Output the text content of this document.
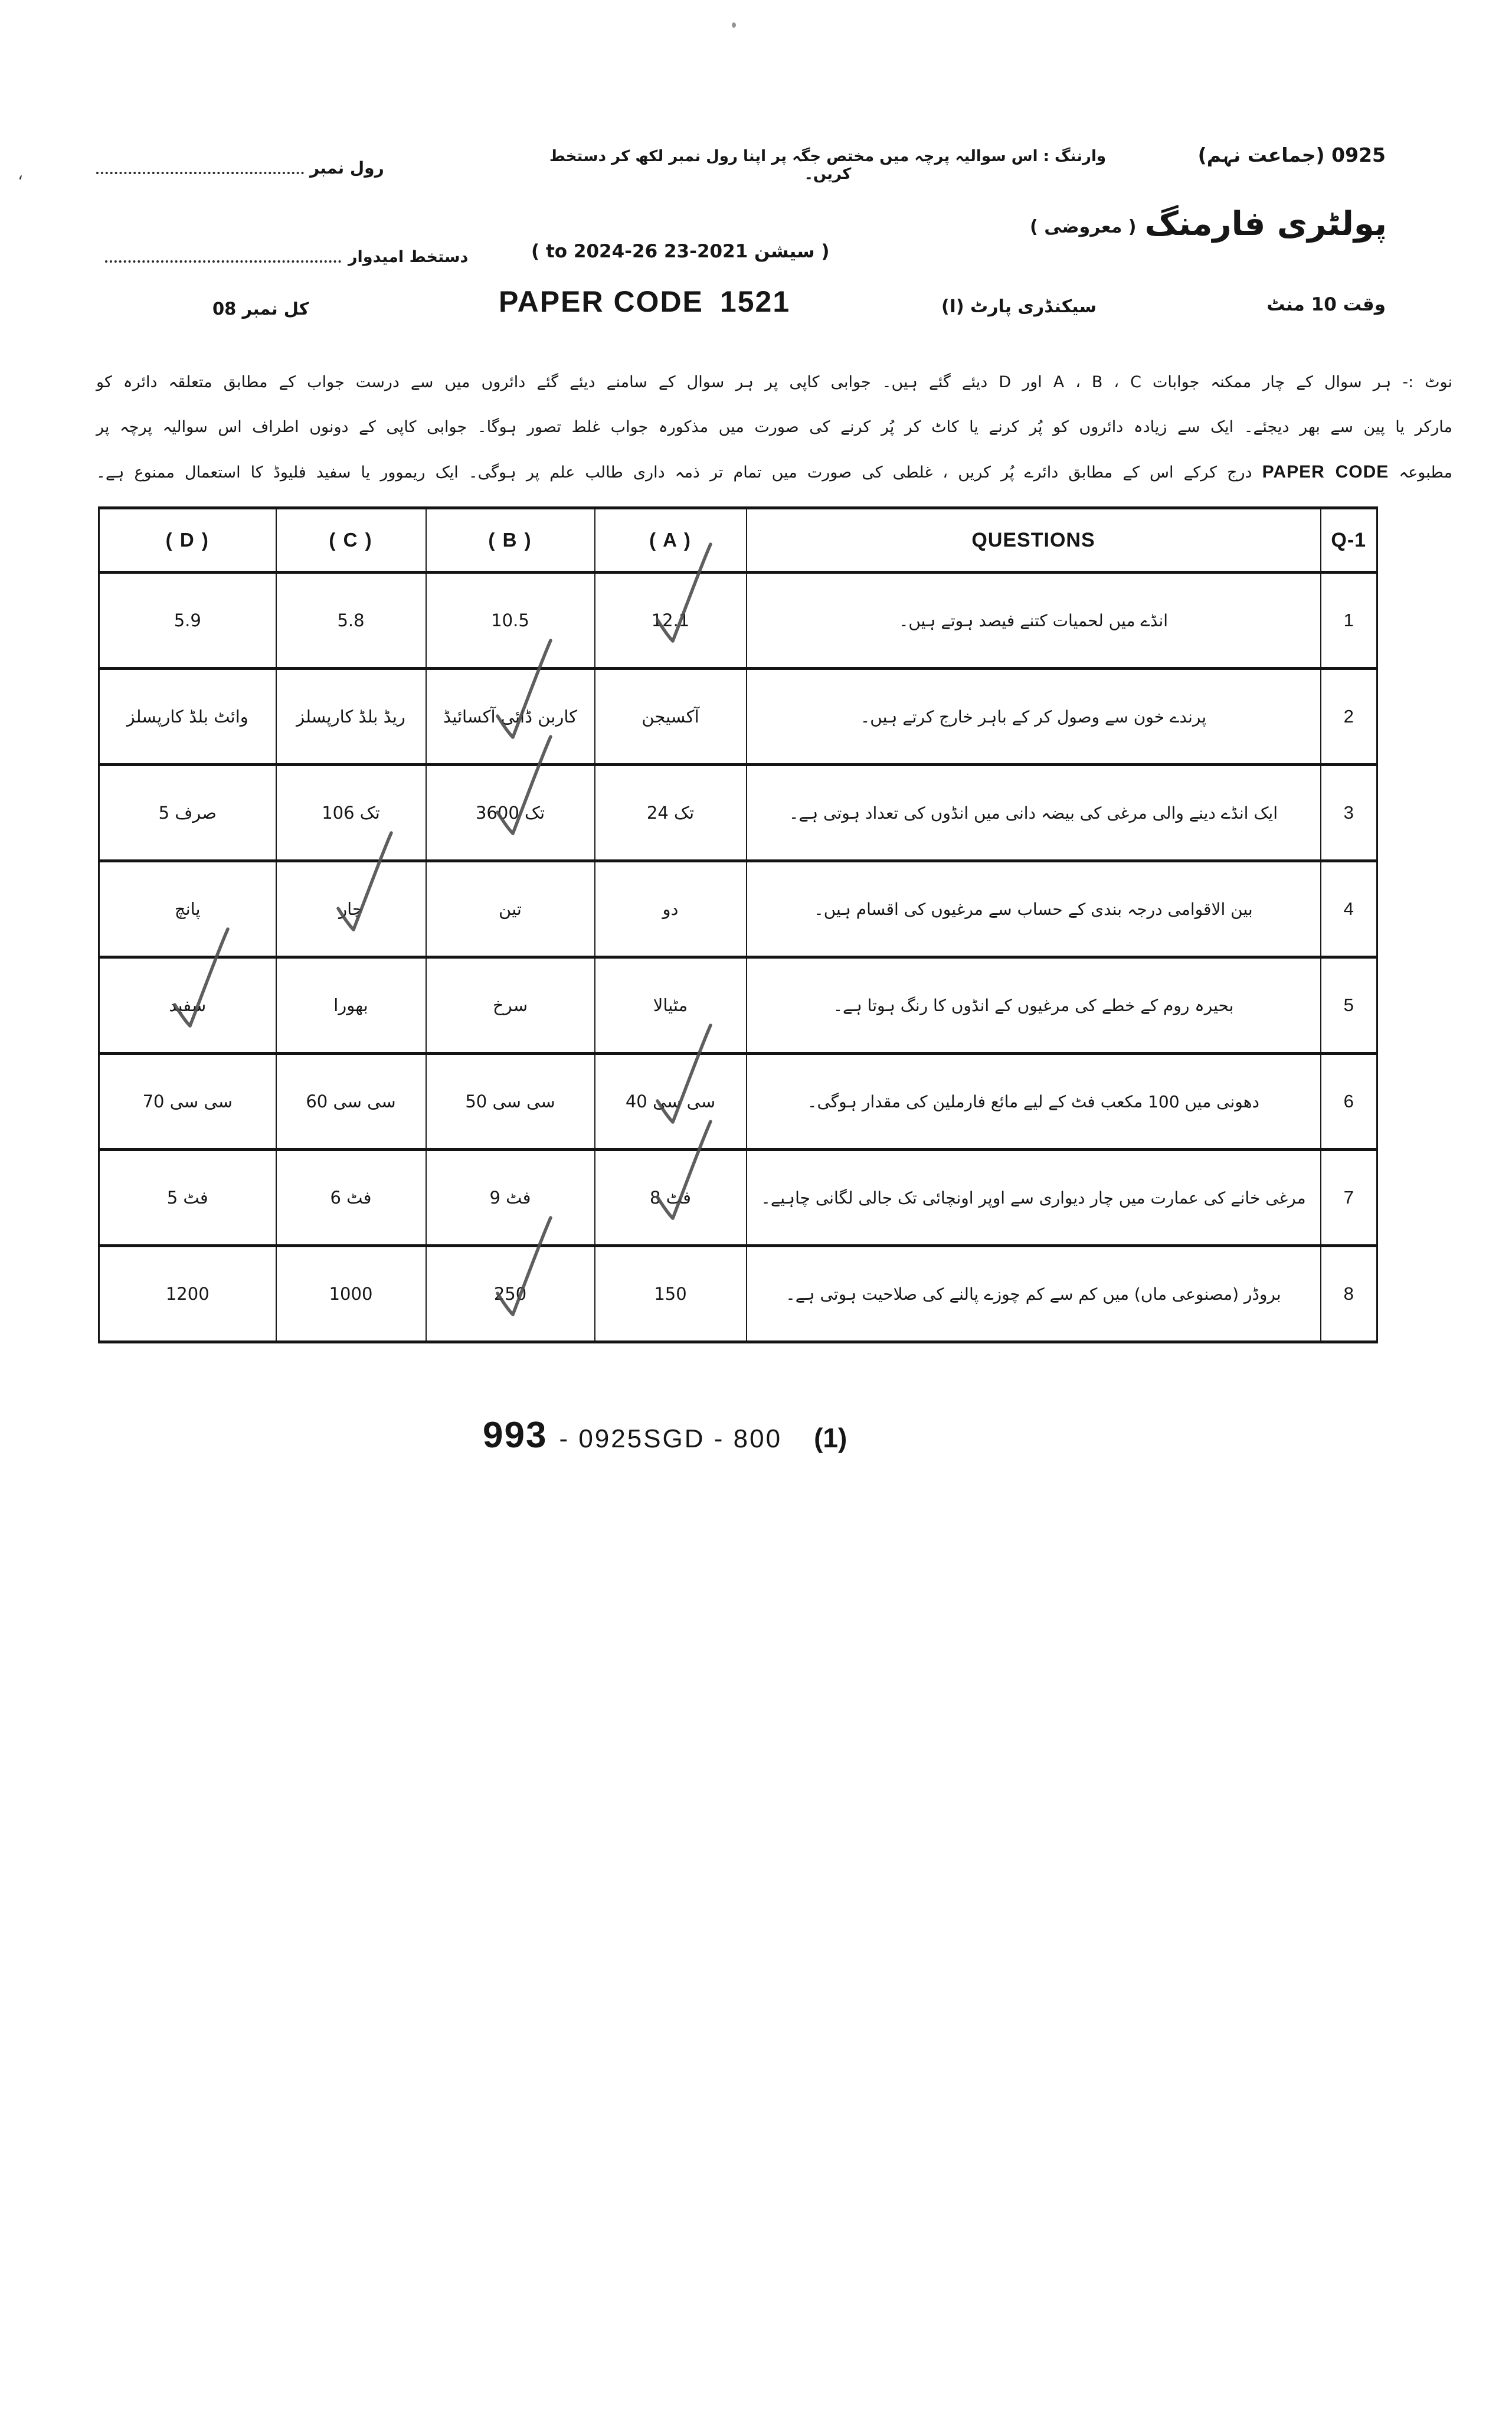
،
0925 (جماعت نہم)
وارننگ : اس سوالیہ پرچہ میں مختص جگہ پر اپنا رول نمبر لکھ کر دستخط کریں۔
رول نمبر
پولٹری فارمنگ
( معروضی )
( سیشن 2021-23 to 2024-26 )
دستخط امیدوار
وقت 10 منٹ
سیکنڈری پارٹ (I)
PAPER CODE 1521
کل نمبر 08
نوٹ :- ہر سوال کے چار ممکنہ جوابات A ، B ، C اور D دیئے گئے ہیں۔ جوابی کاپی پر ہر سوال کے سامنے دیئے گئے دائروں میں سے درست جواب کے مطابق متعلقہ دائرہ کو
مارکر یا پین سے بھر دیجئے۔ ایک سے زیادہ دائروں کو پُر کرنے یا کاٹ کر پُر کرنے کی صورت میں مذکورہ جواب غلط تصور ہوگا۔ جوابی کاپی کے دونوں اطراف اس سوالیہ پرچہ پر
مطبوعہ PAPER CODE درج کرکے اس کے مطابق دائرے پُر کریں ، غلطی کی صورت میں تمام تر ذمہ داری طالب علم پر ہوگی۔ ایک ریموور یا سفید فلیوڈ کا استعمال ممنوع ہے۔
( D )	( C )	( B )	( A )	QUESTIONS	Q-1
5.9	5.8	10.5	12.1	انڈے میں لحمیات کتنے فیصد ہوتے ہیں۔	1
وائٹ بلڈ کارپسلز	ریڈ بلڈ کارپسلز	کاربن ڈائی آکسائیڈ	آکسیجن	پرندے خون سے وصول کر کے باہر خارج کرتے ہیں۔	2
صرف 5	106 تک	3600 تک	24 تک	ایک انڈے دینے والی مرغی کی بیضہ دانی میں انڈوں کی تعداد ہوتی ہے۔	3
پانچ	چار	تین	دو	بین الاقوامی درجہ بندی کے حساب سے مرغیوں کی اقسام ہیں۔	4
سفید	بھورا	سرخ	مٹیالا	بحیرہ روم کے خطے کی مرغیوں کے انڈوں کا رنگ ہوتا ہے۔	5
70 سی سی	60 سی سی	50 سی سی	40 سی سی	دھونی میں 100 مکعب فٹ کے لیے مائع فارملین کی مقدار ہوگی۔	6
5 فٹ	6 فٹ	9 فٹ	8 فٹ	مرغی خانے کی عمارت میں چار دیواری سے اوپر اونچائی تک جالی لگانی چاہیے۔	7
1200	1000	250	150	بروڈر (مصنوعی ماں) میں کم سے کم چوزے پالنے کی صلاحیت ہوتی ہے۔	8
993 - 0925SGD - 800 (1)
